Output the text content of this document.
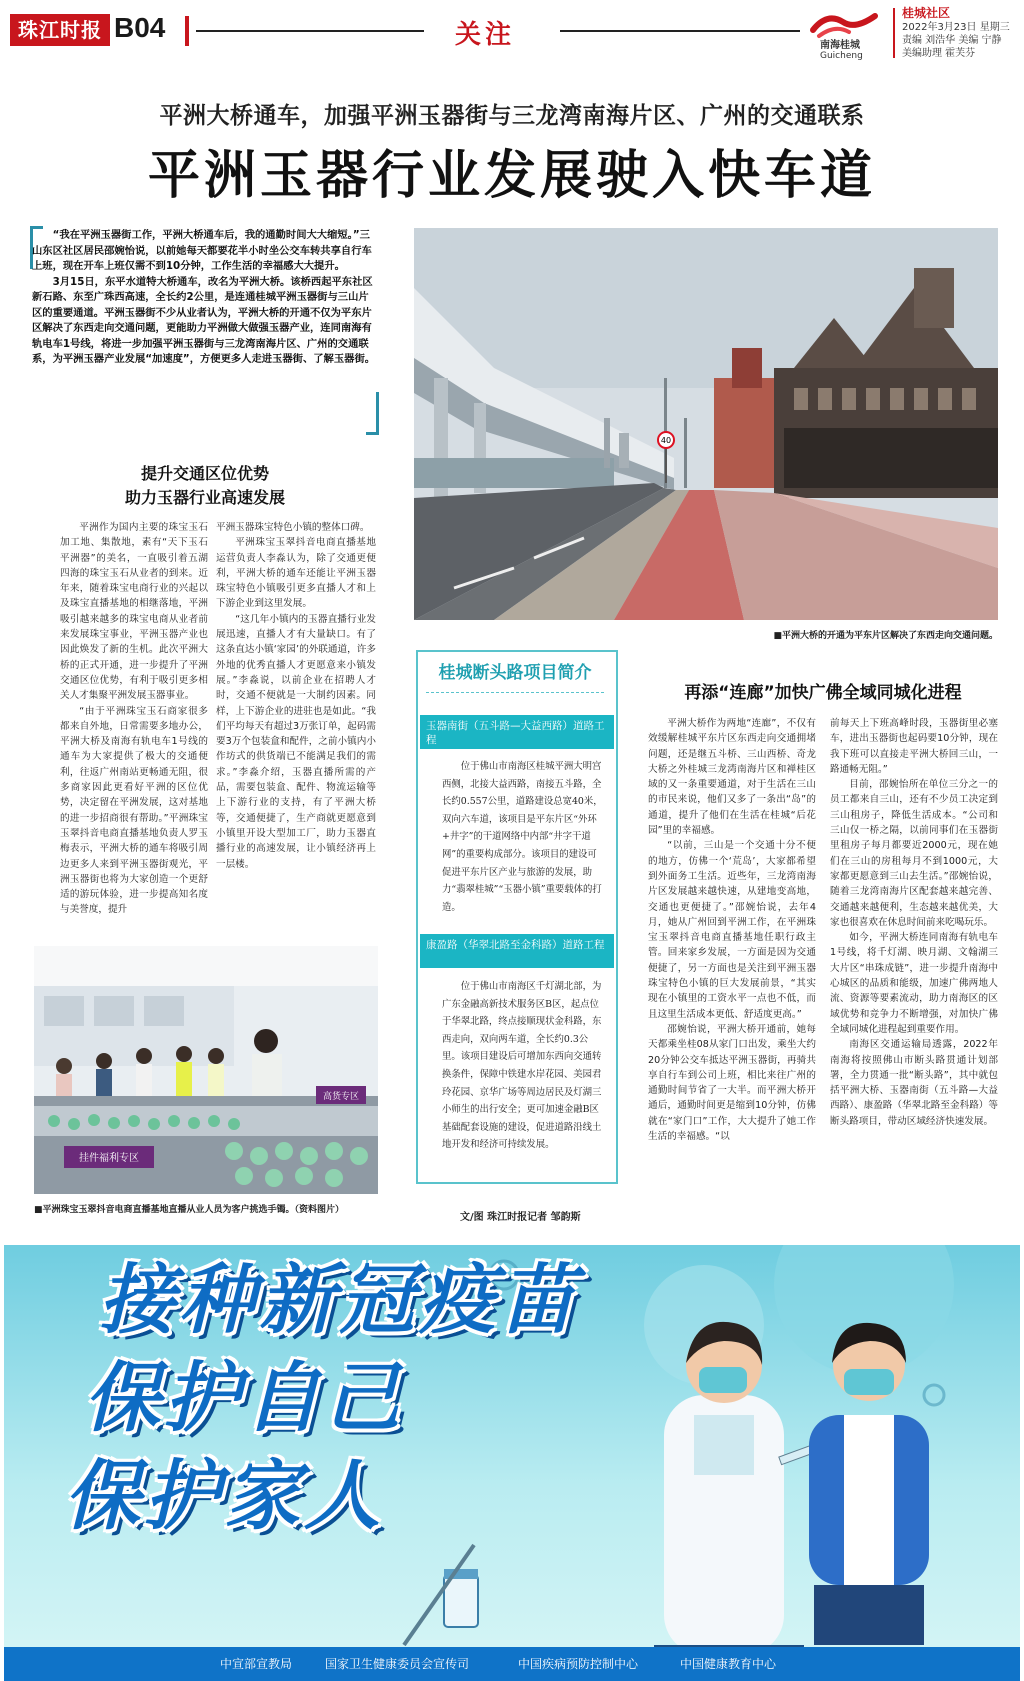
珠江时报 B04	关注	南海桂城
Guicheng
桂城社区
2022年3月23日 星期三
责编 刘浩华 美编 宁静
美编助理 霍芙芬
平洲大桥通车，加强平洲玉器街与三龙湾南海片区、广州的交通联系
平洲玉器行业发展驶入快车道

“我在平洲玉器街工作，平洲大桥通车后，我的通勤时间大大缩短。”三山东区社区居民邵婉怡说，以前她每天都要花半小时坐公交车转共享自行车上班，现在开车上班仅需不到10分钟，工作生活的幸福感大大提升。

3月15日，东平水道特大桥通车，改名为平洲大桥。该桥西起平东社区新石路、东至广珠西高速，全长约2公里，是连通桂城平洲玉器街与三山片区的重要通道。平洲玉器街不少从业者认为，平洲大桥的开通不仅为平东片区解决了东西走向交通问题，更能助力平洲做大做强玉器产业，连同南海有轨电车1号线，将进一步加强平洲玉器街与三龙湾南海片区、广州的交通联系，为平洲玉器产业发展“加速度”，方便更多人走进玉器街、了解玉器街。

提升交通区位优势
助力玉器行业高速发展

平洲作为国内主要的珠宝玉石加工地、集散地，素有“天下玉石平洲器”的美名，一直吸引着五湖四海的珠宝玉石从业者的到来。近年来，随着珠宝电商行业的兴起以及珠宝直播基地的相继落地，平洲吸引越来越多的珠宝电商从业者前来发展珠宝事业，平洲玉器产业也因此焕发了新的生机。此次平洲大桥的正式开通，进一步提升了平洲交通区位优势，有利于吸引更多相关人才集聚平洲发展玉器事业。

“由于平洲珠宝玉石商家很多都来自外地，日常需要多地办公，平洲大桥及南海有轨电车1号线的通车为大家提供了极大的交通便利，往返广州南站更畅通无阻，很多商家因此更看好平洲的区位优势，决定留在平洲发展，这对基地的进一步招商很有帮助。”平洲珠宝玉翠抖音电商直播基地负责人罗玉梅表示，平洲大桥的通车将吸引周边更多人来到平洲玉器街观光，平洲玉器街也将为大家创造一个更舒适的游玩体验，进一步提高知名度与美誉度，提升

平洲玉器珠宝特色小镇的整体口碑。

平洲珠宝玉翠抖音电商直播基地运营负责人李淼认为，除了交通更便利，平洲大桥的通车还能让平洲玉器珠宝特色小镇吸引更多直播人才和上下游企业到这里发展。

“这几年小镇内的玉器直播行业发展迅速，直播人才有大量缺口。有了这条直达小镇‘家园’的外联通道，许多外地的优秀直播人才更愿意来小镇发展。”李淼说，以前企业在招聘人才时，交通不便就是一大制约因素。同样，上下游企业的进驻也是如此。“我们平均每天有超过3万张订单，起码需要3万个包装盒和配件，之前小镇内小作坊式的供货端已不能满足我们的需求。”李淼介绍，玉器直播所需的产品，需要包装盒、配件、物流运输等上下游行业的支持，有了平洲大桥等，交通便捷了，生产商就更愿意到小镇里开设大型加工厂，助力玉器直播行业的高速发展，让小镇经济再上一层楼。

40
■平洲大桥的开通为平东片区解决了东西走向交通问题。
桂城断头路项目简介
玉器南街（五斗路—大益西路）道路工程

位于佛山市南海区桂城平洲大明宫西侧，北接大益西路，南接五斗路，全长约0.557公里，道路建设总宽40米，双向六车道，该项目是平东片区“外环+井字”的干道网络中内部“井字干道网”的重要构成部分。该项目的建设可促进平东片区产业与旅游的发展，助力“翡翠桂城”“玉器小镇”重要载体的打造。

康盈路（华翠北路至金科路）道路工程

位于佛山市南海区千灯湖北部，为广东金融高新技术服务区B区，起点位于华翠北路，终点接顺现状金科路，东西走向，双向两车道，全长约0.3公里。该项目建设后可增加东西向交通转换条件，保障中铁建水岸花园、美园君玲花园、京华广场等周边居民及灯湖三小师生的出行安全；更可加速金融B区基础配套设施的建设，促进道路沿线土地开发和经济可持续发展。

文/图 珠江时报记者 邹韵斯
再添“连廊”加快广佛全域同城化进程

平洲大桥作为两地“连廊”，不仅有效缓解桂城平东片区东西走向交通拥堵问题，还是继五斗桥、三山西桥、奇龙大桥之外桂城三龙湾南海片区和禅桂区域的又一条重要通道，对于生活在三山的市民来说，他们又多了一条出“岛”的通道，提升了他们在生活在桂城“后花园”里的幸福感。

“以前，三山是一个交通十分不便的地方，仿佛一个‘荒岛’，大家都希望到外面务工生活。近些年，三龙湾南海片区发展越来越快速，从建地变高地，交通也更便捷了。”邵婉怡说，去年4月，她从广州回到平洲工作，在平洲珠宝玉翠抖音电商直播基地任职行政主管。回来家乡发展，一方面是因为交通便捷了，另一方面也是关注到平洲玉器珠宝特色小镇的巨大发展前景，“其实现在小镇里的工资水平一点也不低，而且这里生活成本更低、舒适度更高。”

邵婉怡说，平洲大桥开通前，她每天都乘坐桂08从家门口出发，乘坐大约20分钟公交车抵达平洲玉器街，再骑共享自行车到公司上班，相比来往广州的通勤时间节省了一大半。而平洲大桥开通后，通勤时间更是缩到10分钟，仿佛就在“家门口”工作，大大提升了她工作生活的幸福感。“以

前每天上下班高峰时段，玉器街里必塞车，进出玉器街也起码要10分钟，现在我下班可以直接走平洲大桥回三山，一路通畅无阻。”

目前，邵婉怡所在单位三分之一的员工都来自三山，还有不少员工决定到三山租房子，降低生活成本。“公司和三山仅一桥之隔，以前同事们在玉器街里租房子每月都要近2000元，现在她们在三山的房租每月不到1000元，大家都更愿意到三山去生活。”邵婉怡说，随着三龙湾南海片区配套越来越完善、交通越来越便利，生态越来越优美，大家也很喜欢在休息时间前来吃喝玩乐。

如今，平洲大桥连同南海有轨电车1号线，将千灯湖、映月湖、文翰湖三大片区“串珠成链”，进一步提升南海中心城区的品质和能级，加速广佛两地人流、资源等要素流动，助力南海区的区域优势和竞争力不断增强，对加快广佛全域同城化进程起到重要作用。

南海区交通运输局透露，2022年南海将按照佛山市断头路贯通计划部署，全力贯通一批“断头路”，其中就包括平洲大桥、玉器南街（五斗路—大益西路）、康盈路（华翠北路至金科路）等断头路项目，带动区域经济快速发展。

挂件福利专区
高货专区
■平洲珠宝玉翠抖音电商直播基地直播从业人员为客户挑选手镯。（资料图片）
接种新冠疫苗
保护自己
保护家人
中宣部宣教局	国家卫生健康委员会宣传司	中国疾病预防控制中心	中国健康教育中心
